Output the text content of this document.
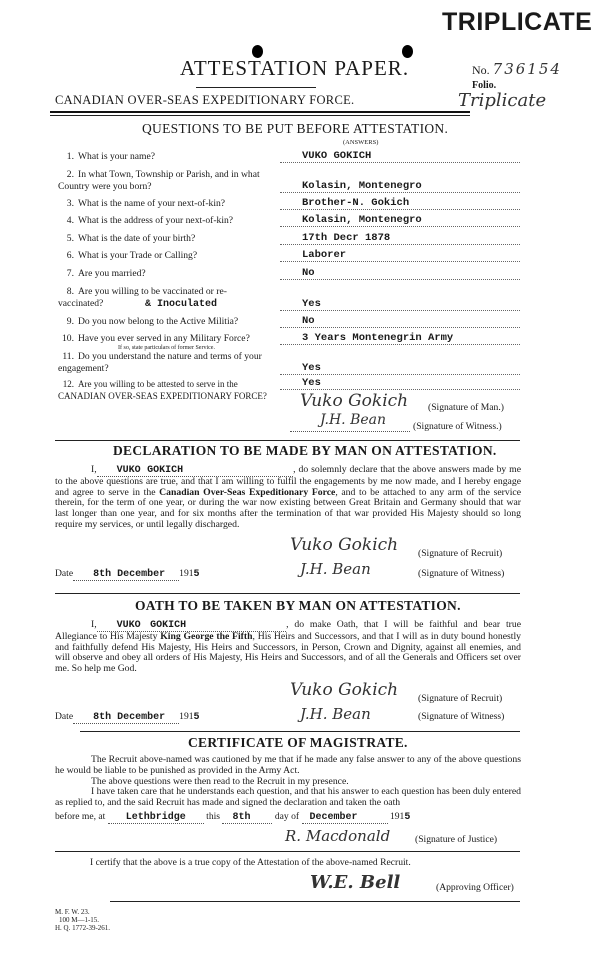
TRIPLICATE
ATTESTATION PAPER.	No. 736154
Folio.
CANADIAN OVER-SEAS EXPEDITIONARY FORCE.	Triplicate
QUESTIONS TO BE PUT BEFORE ATTESTATION.
(ANSWERS)
1. What is your name?	VUKO GOKICH
2. In what Town, Township or Parish, and in what Country were you born?	Kolasin, Montenegro
3. What is the name of your next-of-kin?	Brother-N. Gokich
4. What is the address of your next-of-kin?	Kolasin, Montenegro
5. What is the date of your birth?	17th Decr 1878
6. What is your Trade or Calling?	Laborer
7. Are you married?	No
8. Are you willing to be vaccinated or re-vaccinated?	& Inoculated	Yes
9. Do you now belong to the Active Militia?	No
10. Have you ever served in any Military Force?
If so, state particulars of former Service.
3 Years Montenegrin Army
11. Do you understand the nature and terms of your engagement?	Yes
12. Are you willing to be attested to serve in the CANADIAN OVER-SEAS EXPEDITIONARY FORCE?
Yes
Vuko Gokich (Signature of Man.)
J.H. Bean	(Signature of Witness.)
DECLARATION TO BE MADE BY MAN ON ATTESTATION.

I, VUKO GOKICH	, do solemnly declare that the above answers made by me to the above questions are true, and that I am willing to fulfil the engagements by me now made, and I hereby engage and agree to serve in the Canadian Over-Seas Expeditionary Force, and to be attached to any arm of the service therein, for the term of one year, or during the war now existing between Great Britain and Germany should that war last longer than one year, and for six months after the termination of that war provided His Majesty should so long require my services, or until legally discharged.

Vuko Gokich (Signature of Recruit)
Date 8th December 1915	J.H. Bean	(Signature of Witness)
OATH TO BE TAKEN BY MAN ON ATTESTATION.

I, VUKO GOKICH	, do make Oath, that I will be faithful and bear true Allegiance to His Majesty King George the Fifth, His Heirs and Successors, and that I will as in duty bound honestly and faithfully defend His Majesty, His Heirs and Successors, in Person, Crown and Dignity, against all enemies, and will observe and obey all orders of His Majesty, His Heirs and Successors, and of all the Generals and Officers set over me. So help me God.

Vuko Gokich (Signature of Recruit)
Date 8th December 1915	J.H. Bean	(Signature of Witness)
CERTIFICATE OF MAGISTRATE.

The Recruit above-named was cautioned by me that if he made any false answer to any of the above questions he would be liable to be punished as provided in the Army Act.

The above questions were then read to the Recruit in my presence.

I have taken care that he understands each question, and that his answer to each question has been duly entered as replied to, and the said Recruit has made and signed the declaration and taken the oath

before me, at Lethbridge this 8th	day of December	1915
R. Macdonald	(Signature of Justice)
I certify that the above is a true copy of the Attestation of the above-named Recruit.
W.E. Bell	(Approving Officer)
M. F. W. 23.
100 M—1-15.
H. Q. 1772-39-261.
